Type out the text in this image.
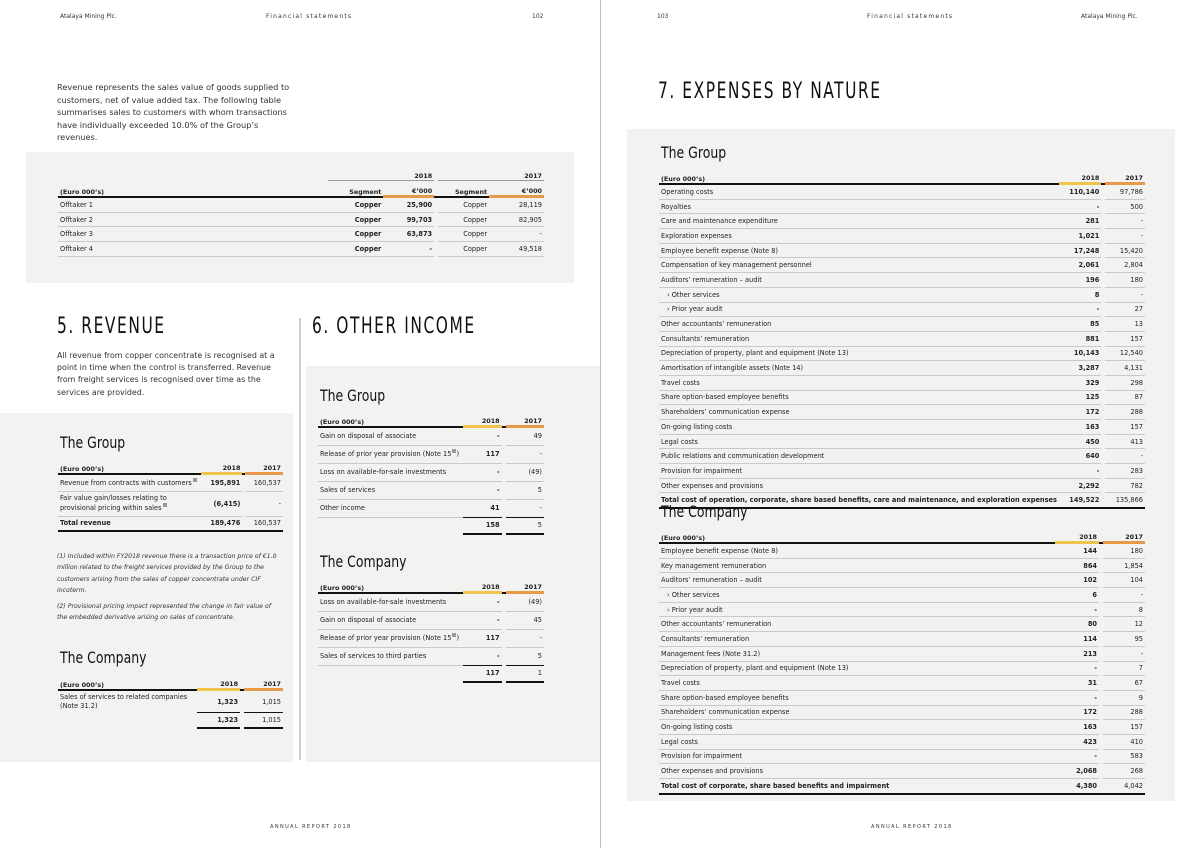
Atalaya Mining Plc.	Financial statements	102
Revenue represents the sales value of goods supplied to customers, net of value added tax. The following table summarises sales to customers with whom transactions have individually exceeded 10.0% of the Group’s revenues.
	2018			2017	
(Euro 000’s)	Segment	€’000		Segment	€’000
Offtaker 1	Copper	25,900		Copper	28,119
Offtaker 2	Copper	99,703		Copper	82,905
Offtaker 3	Copper	63,873		Copper	-
Offtaker 4	Copper	-		Copper	49,518
5. REVENUE
All revenue from copper concentrate is recognised at a point in time when the control is transferred. Revenue from freight services is recognised over time as the services are provided.
The Group
(Euro 000’s)	2018		2017
Revenue from contracts with customers	195,891		160,537
Fair value gain/losses relating to provisional pricing within sales	(6,415)		-
Total revenue	189,476		160,537
(1) Included within FY2018 revenue there is a transaction price of €1.0 million related to the freight services provided by the Group to the customers arising from the sales of copper concentrate under CIF incoterm.
(2) Provisional pricing impact represented the change in fair value of the embedded derivative arising on sales of concentrate.
The Company
(Euro 000’s)	2018		2017
Sales of services to related companies (Note 31.2)	1,323		1,015
	1,323		1,015
6. OTHER INCOME
The Group
(Euro 000’s)	2018		2017
Gain on disposal of associate	-		49
Release of prior year provision (Note 15 )	117		-
Loss on available-for-sale investments	-		(49)
Sales of services	-		5
Other income	41		-
	158		5
The Company
(Euro 000’s)	2018		2017
Loss on available-for-sale investments	-		(49)
Gain on disposal of associate	-		45
Release of prior year provision (Note 15 )	117		-
Sales of services to third parties	-		5
	117		1
ANNUAL REPORT 2018
103	Financial statements	Atalaya Mining Plc.
7. EXPENSES BY NATURE
The Group
(Euro 000’s)	2018		2017
Operating costs	110,140		97,786
Royalties	-		500
Care and maintenance expenditure	281		-
Exploration expenses	1,021		-
Employee benefit expense (Note 8)	17,248		15,420
Compensation of key management personnel	2,061		2,804
Auditors’ remuneration – audit	196		180
› Other services	8		-
› Prior year audit	-		27
Other accountants’ remuneration	85		13
Consultants’ remuneration	881		157
Depreciation of property, plant and equipment (Note 13)	10,143		12,540
Amortisation of intangible assets (Note 14)	3,287		4,131
Travel costs	329		298
Share option-based employee benefits	125		87
Shareholders’ communication expense	172		288
On-going listing costs	163		157
Legal costs	450		413
Public relations and communication development	640		-
Provision for impairment	-		283
Other expenses and provisions	2,292		782
Total cost of operation, corporate, share based benefits, care and maintenance, and exploration expenses	149,522		135,866
The Company
(Euro 000’s)	2018		2017
Employee benefit expense (Note 8)	144		180
Key management remuneration	864		1,854
Auditors’ remuneration – audit	102		104
› Other services	6		-
› Prior year audit	-		8
Other accountants’ remuneration	80		12
Consultants’ remuneration	114		95
Management fees (Note 31.2)	213		-
Depreciation of property, plant and equipment (Note 13)	-		7
Travel costs	31		67
Share option-based employee benefits	-		9
Shareholders’ communication expense	172		288
On-going listing costs	163		157
Legal costs	423		410
Provision for impairment	-		583
Other expenses and provisions	2,068		268
Total cost of corporate, share based benefits and impairment	4,380		4,042
ANNUAL REPORT 2018
